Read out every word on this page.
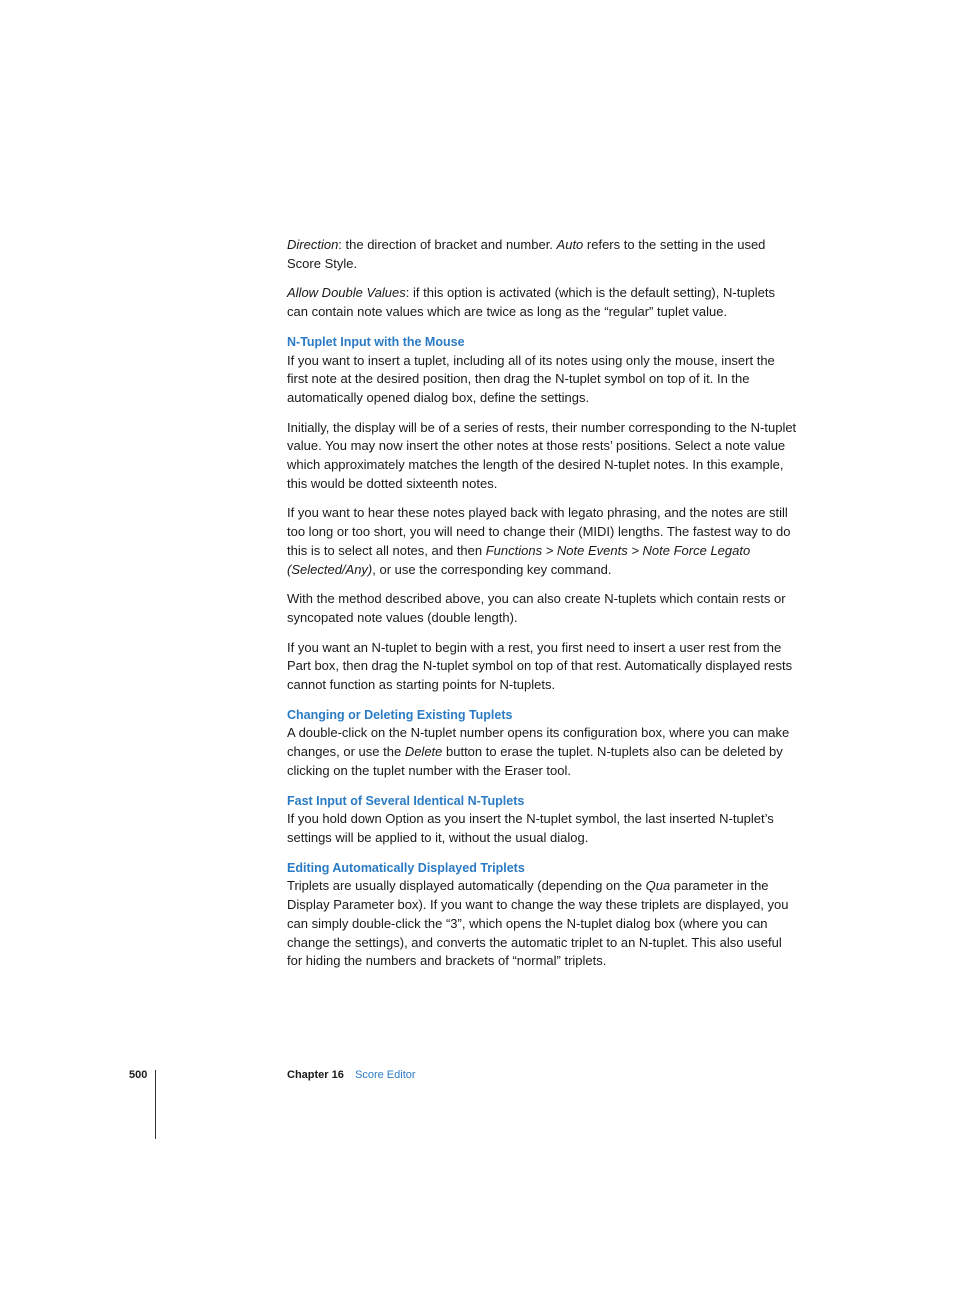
Direction: the direction of bracket and number. Auto refers to the setting in the used Score Style.

Allow Double Values: if this option is activated (which is the default setting), N-tuplets can contain note values which are twice as long as the “regular” tuplet value.

N-Tuplet Input with the Mouse

If you want to insert a tuplet, including all of its notes using only the mouse, insert the first note at the desired position, then drag the N-tuplet symbol on top of it. In the automatically opened dialog box, define the settings.

Initially, the display will be of a series of rests, their number corresponding to the N-tuplet value. You may now insert the other notes at those rests’ positions. Select a note value which approximately matches the length of the desired N-tuplet notes. In this example, this would be dotted sixteenth notes.

If you want to hear these notes played back with legato phrasing, and the notes are still too long or too short, you will need to change their (MIDI) lengths. The fastest way to do this is to select all notes, and then Functions > Note Events > Note Force Legato (Selected/Any), or use the corresponding key command.

With the method described above, you can also create N-tuplets which contain rests or syncopated note values (double length).

If you want an N-tuplet to begin with a rest, you first need to insert a user rest from the Part box, then drag the N-tuplet symbol on top of that rest. Automatically displayed rests cannot function as starting points for N-tuplets.

Changing or Deleting Existing Tuplets

A double-click on the N-tuplet number opens its configuration box, where you can make changes, or use the Delete button to erase the tuplet. N-tuplets also can be deleted by clicking on the tuplet number with the Eraser tool.

Fast Input of Several Identical N-Tuplets

If you hold down Option as you insert the N-tuplet symbol, the last inserted N-tuplet’s settings will be applied to it, without the usual dialog.

Editing Automatically Displayed Triplets

Triplets are usually displayed automatically (depending on the Qua parameter in the Display Parameter box). If you want to change the way these triplets are displayed, you can simply double-click the “3”, which opens the N-tuplet dialog box (where you can change the settings), and converts the automatic triplet to an N-tuplet. This also useful for hiding the numbers and brackets of “normal” triplets.

500	Chapter 16 Score Editor
